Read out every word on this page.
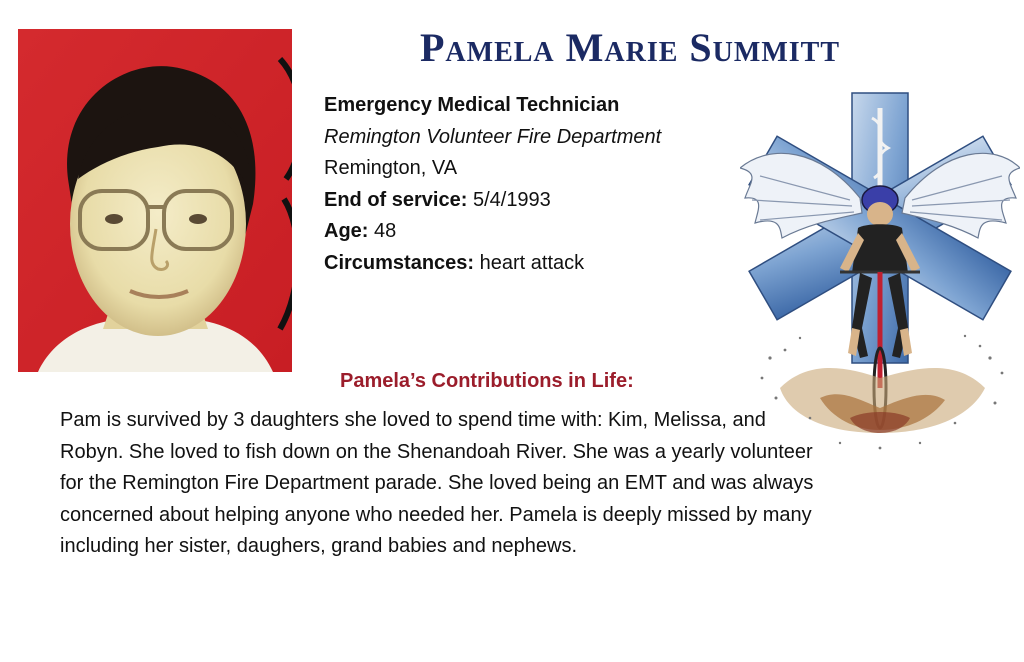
Pamela Marie Summitt
Emergency Medical Technician
Remington Volunteer Fire Department
Remington, VA
End of service: 5/4/1993
Age: 48
Circumstances: heart attack
Pamela’s Contributions in Life:
Pam is survived by 3 daughters she loved to spend time with: Kim, Melissa, and
Robyn. She loved to fish down on the Shenandoah River. She was a yearly volunteer
for the Remington Fire Department parade. She loved being an EMT and was always
concerned about helping anyone who needed her. Pamela is deeply missed by many
including her sister, daughers, grand babies and nephews.
